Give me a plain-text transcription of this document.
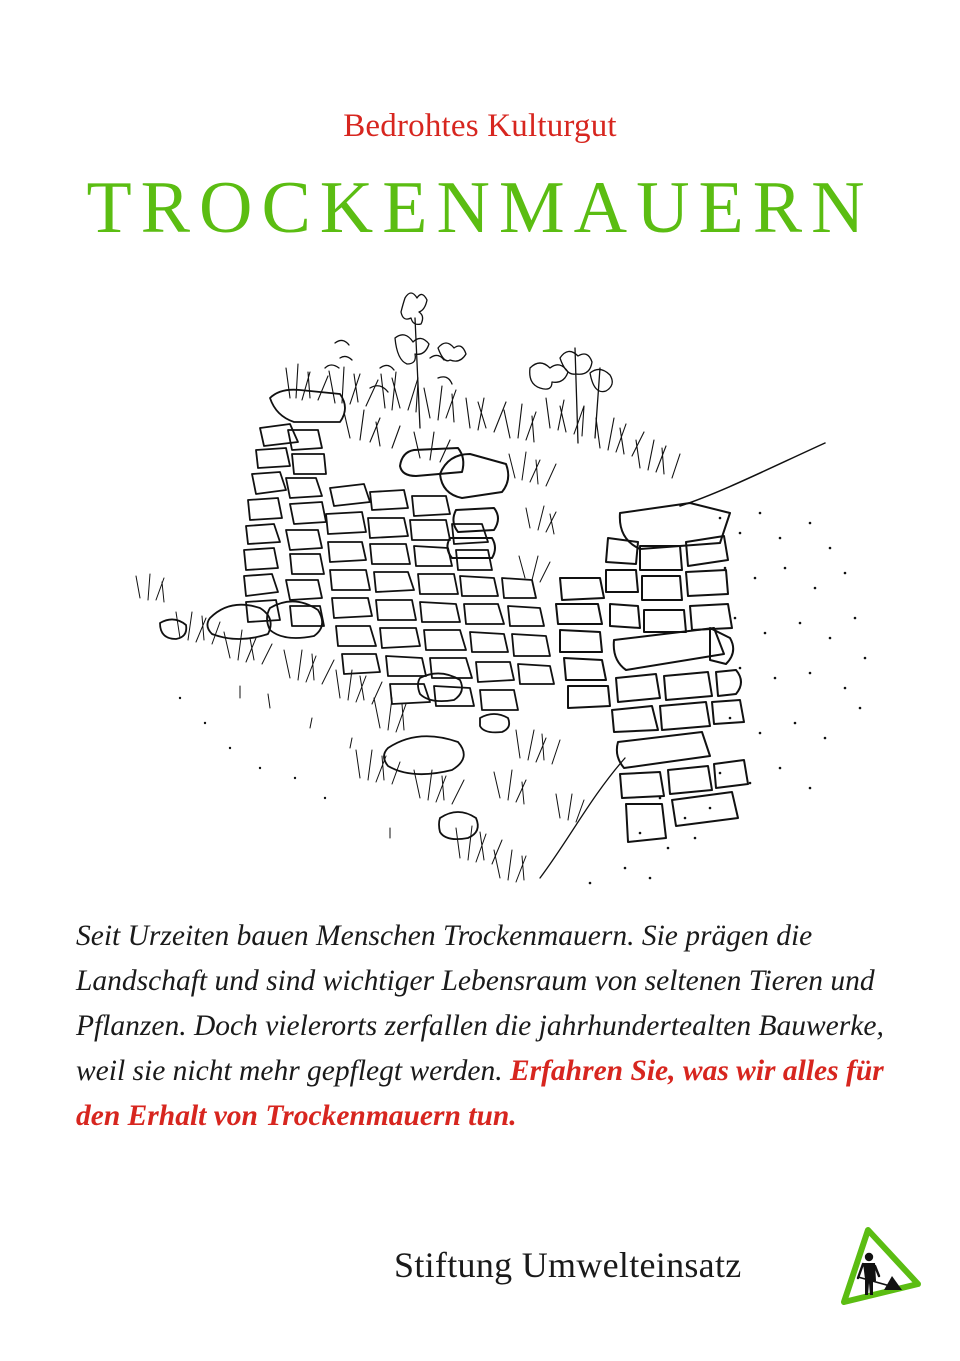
Bedrohtes Kulturgut
TROCKENMAUERN

Seit Urzeiten bauen Menschen Trockenmauern. Sie prägen die Landschaft und sind wichtiger Lebensraum von seltenen Tieren und Pflanzen. Doch vielerorts zerfallen die jahrhundertealten Bauwerke, weil sie nicht mehr gepflegt werden. Erfahren Sie, was wir alles für den Erhalt von Trockenmauern tun.

Stiftung Umwelteinsatz
